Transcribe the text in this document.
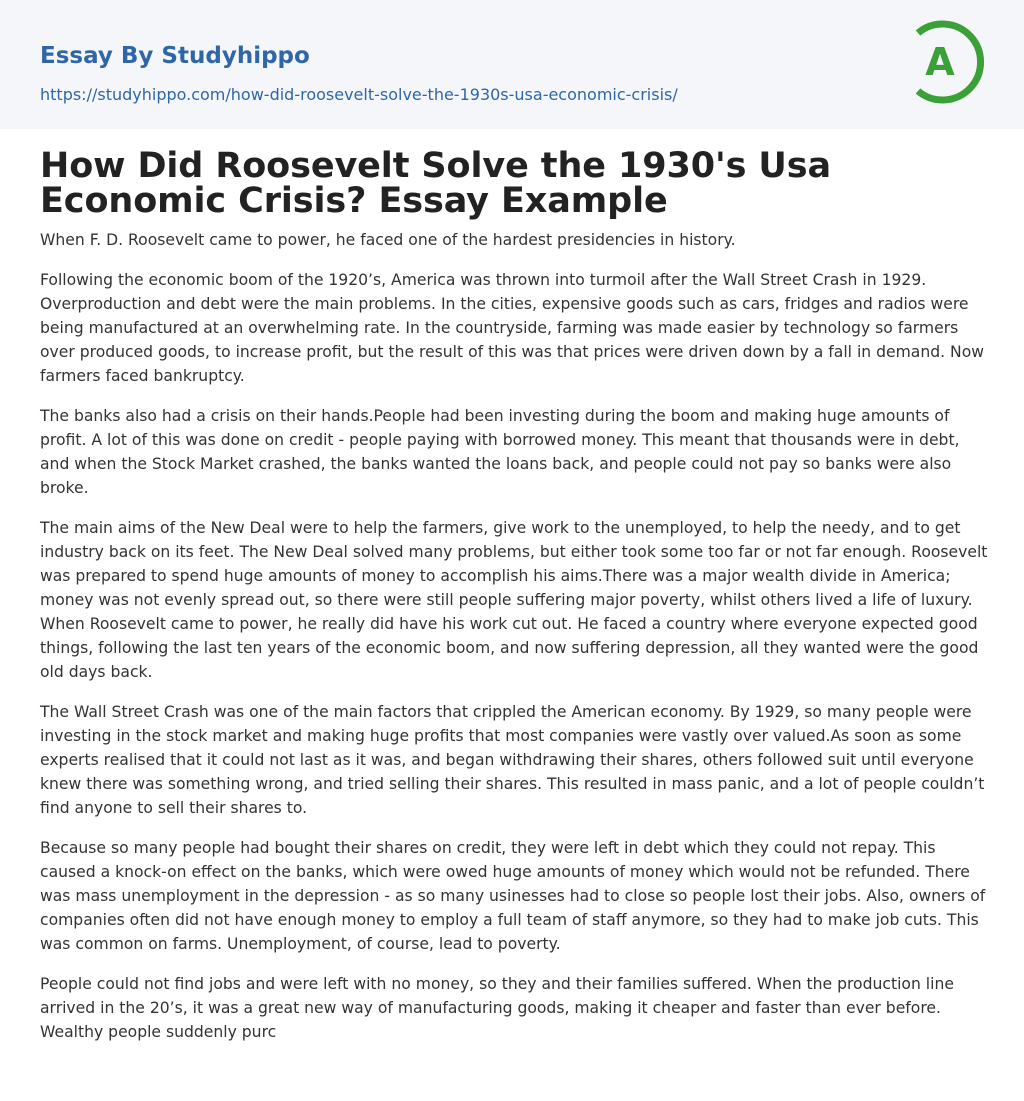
Essay By Studyhippo
https://studyhippo.com/how-did-roosevelt-solve-the-1930s-usa-economic-crisis/
A
How Did Roosevelt Solve the 1930's Usa Economic Crisis? Essay Example

When F. D. Roosevelt came to power, he faced one of the hardest presidencies in history.

Following the economic boom of the 1920’s, America was thrown into turmoil after the Wall Street Crash in 1929. Overproduction and debt were the main problems. In the cities, expensive goods such as cars, fridges and radios were being manufactured at an overwhelming rate. In the countryside, farming was made easier by technology so farmers over produced goods, to increase profit, but the result of this was that prices were driven down by a fall in demand. Now farmers faced bankruptcy.

The banks also had a crisis on their hands.People had been investing during the boom and making huge amounts of profit. A lot of this was done on credit - people paying with borrowed money. This meant that thousands were in debt, and when the Stock Market crashed, the banks wanted the loans back, and people could not pay so banks were also broke.

The main aims of the New Deal were to help the farmers, give work to the unemployed, to help the needy, and to get industry back on its feet. The New Deal solved many problems, but either took some too far or not far enough. Roosevelt was prepared to spend huge amounts of money to accomplish his aims.There was a major wealth divide in America; money was not evenly spread out, so there were still people suffering major poverty, whilst others lived a life of luxury. When Roosevelt came to power, he really did have his work cut out. He faced a country where everyone expected good things, following the last ten years of the economic boom, and now suffering depression, all they wanted were the good old days back.

The Wall Street Crash was one of the main factors that crippled the American economy. By 1929, so many people were investing in the stock market and making huge profits that most companies were vastly over valued.As soon as some experts realised that it could not last as it was, and began withdrawing their shares, others followed suit until everyone knew there was something wrong, and tried selling their shares. This resulted in mass panic, and a lot of people couldn’t find anyone to sell their shares to.

Because so many people had bought their shares on credit, they were left in debt which they could not repay. This caused a knock-on effect on the banks, which were owed huge amounts of money which would not be refunded. There was mass unemployment in the depression - as so many usinesses had to close so people lost their jobs. Also, owners of companies often did not have enough money to employ a full team of staff anymore, so they had to make job cuts. This was common on farms. Unemployment, of course, lead to poverty.

People could not find jobs and were left with no money, so they and their families suffered. When the production line arrived in the 20’s, it was a great new way of manufacturing goods, making it cheaper and faster than ever before. Wealthy people suddenly purc
